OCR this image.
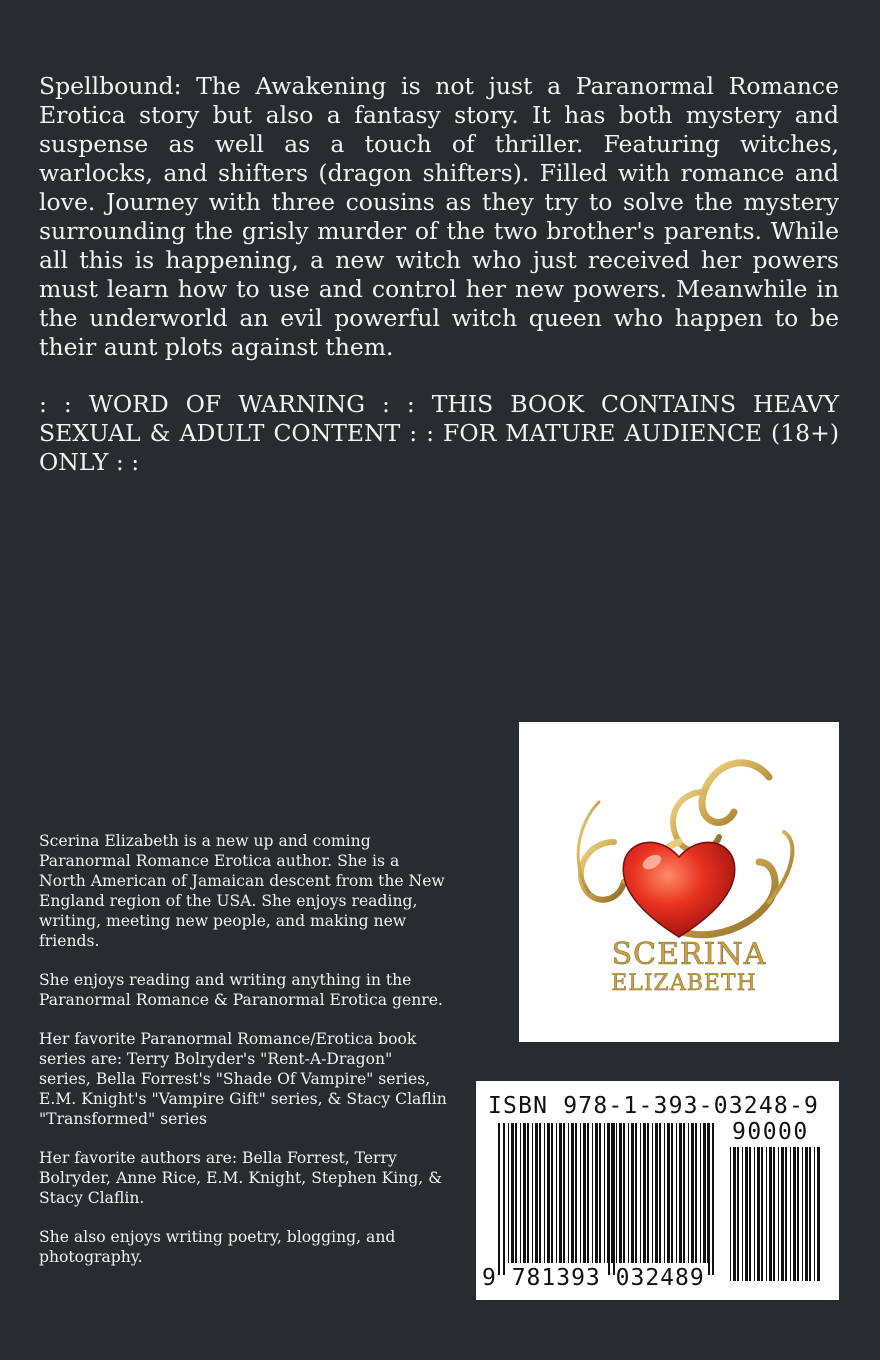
Spellbound: The Awakening is not just a Paranormal Romance Erotica story but also a fantasy story. It has both mystery and suspense as well as a touch of thriller. Featuring witches, warlocks, and shifters (dragon shifters). Filled with romance and love. Journey with three cousins as they try to solve the mystery surrounding the grisly murder of the two brother's parents. While all this is happening, a new witch who just received her powers must learn how to use and control her new powers. Meanwhile in the underworld an evil powerful witch queen who happen to be their aunt plots against them.

: : WORD OF WARNING : : THIS BOOK CONTAINS HEAVY SEXUAL & ADULT CONTENT : : FOR MATURE AUDIENCE (18+) ONLY : :

Scerina Elizabeth is a new up and coming Paranormal Romance Erotica author. She is a North American of Jamaican descent from the New England region of the USA. She enjoys reading, writing, meeting new people, and making new friends.

She enjoys reading and writing anything in the Paranormal Romance & Paranormal Erotica genre.

Her favorite Paranormal Romance/Erotica book series are: Terry Bolryder's "Rent-A-Dragon" series, Bella Forrest's "Shade Of Vampire" series, E.M. Knight's "Vampire Gift" series, & Stacy Claflin "Transformed" series

Her favorite authors are: Bella Forrest, Terry Bolryder, Anne Rice, E.M. Knight, Stephen King, & Stacy Claflin.

She also enjoys writing poetry, blogging, and photography.

SCERINA
ELIZABETH
ISBN 978-1-393-03248-9
90000
9 781393 032489
